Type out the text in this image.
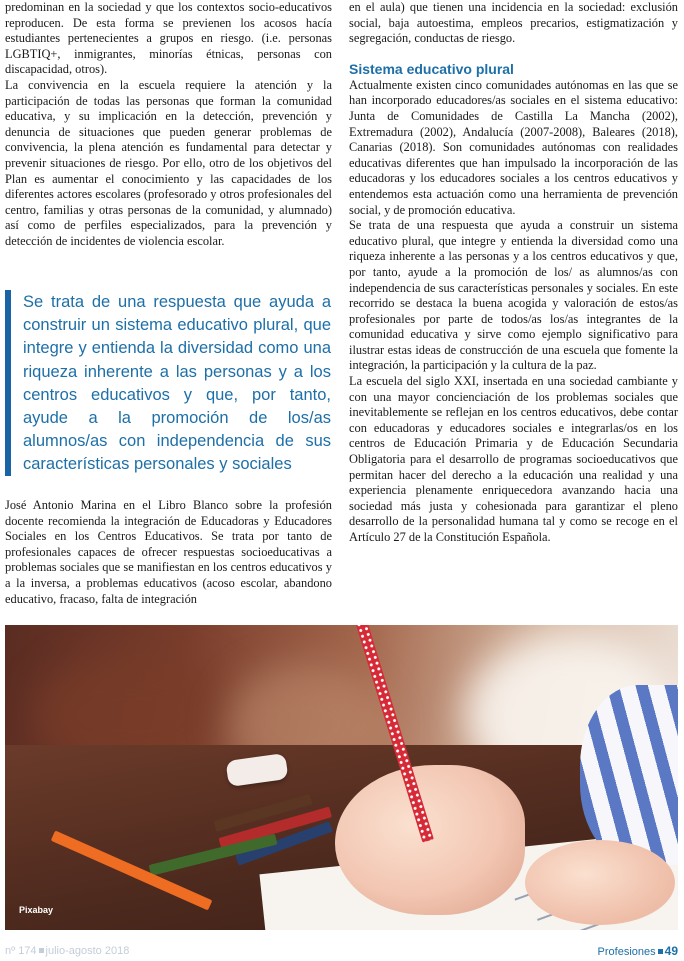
predominan en la sociedad y que los contextos socio-educativos reproducen. De esta forma se previenen los acosos hacía estudiantes pertenecientes a grupos en riesgo. (i.e. personas LGBTIQ+, inmigrantes, minorías étnicas, personas con discapacidad, otros).

La convivencia en la escuela requiere la atención y la participación de todas las personas que forman la comunidad educativa, y su implicación en la detección, prevención y denuncia de situaciones que pueden generar problemas de convivencia, la plena atención es fundamental para detectar y prevenir situaciones de riesgo. Por ello, otro de los objetivos del Plan es aumentar el conocimiento y las capacidades de los diferentes actores escolares (profesorado y otros profesionales del centro, familias y otras personas de la comunidad, y alumnado) así como de perfiles especializados, para la prevención y detección de incidentes de violencia escolar.

Se trata de una respuesta que ayuda a construir un sistema educativo plural, que integre y entienda la diversidad como una riqueza inherente a las personas y a los centros educativos y que, por tanto, ayude a la promoción de los/as alumnos/as con independencia de sus características personales y sociales

José Antonio Marina en el Libro Blanco sobre la profesión docente recomienda la integración de Educadoras y Educadores Sociales en los Centros Educativos. Se trata por tanto de profesionales capaces de ofrecer respuestas socioeducativas a problemas sociales que se manifiestan en los centros educativos y a la inversa, a problemas educativos (acoso escolar, abandono educativo, fracaso, falta de integración

en el aula) que tienen una incidencia en la sociedad: exclusión social, baja autoestima, empleos precarios, estigmatización y segregación, conductas de riesgo.

Sistema educativo plural

Actualmente existen cinco comunidades autónomas en las que se han incorporado educadores/as sociales en el sistema educativo: Junta de Comunidades de Castilla La Mancha (2002), Extremadura (2002), Andalucía (2007-2008), Baleares (2018), Canarias (2018). Son comunidades autónomas con realidades educativas diferentes que han impulsado la incorporación de las educadoras y los educadores sociales a los centros educativos y entendemos esta actuación como una herramienta de prevención social, y de promoción educativa.

Se trata de una respuesta que ayuda a construir un sistema educativo plural, que integre y entienda la diversidad como una riqueza inherente a las personas y a los centros educativos y que, por tanto, ayude a la promoción de los/ as alumnos/as con independencia de sus características personales y sociales. En este recorrido se destaca la buena acogida y valoración de estos/as profesionales por parte de todos/as los/as integrantes de la comunidad educativa y sirve como ejemplo significativo para ilustrar estas ideas de construcción de una escuela que fomente la integración, la participación y la cultura de la paz.

La escuela del siglo XXI, insertada en una sociedad cambiante y con una mayor concienciación de los problemas sociales que inevitablemente se reflejan en los centros educativos, debe contar con educadoras y educadores sociales e integrarlas/os en los centros de Educación Primaria y de Educación Secundaria Obligatoria para el desarrollo de programas socioeducativos que permitan hacer del derecho a la educación una realidad y una experiencia plenamente enriquecedora avanzando hacia una sociedad más justa y cohesionada para garantizar el pleno desarrollo de la personalidad humana tal y como se recoge en el Artículo 27 de la Constitución Española.

Pixabay
nº 174 julio-agosto 2018	Profesiones 49
